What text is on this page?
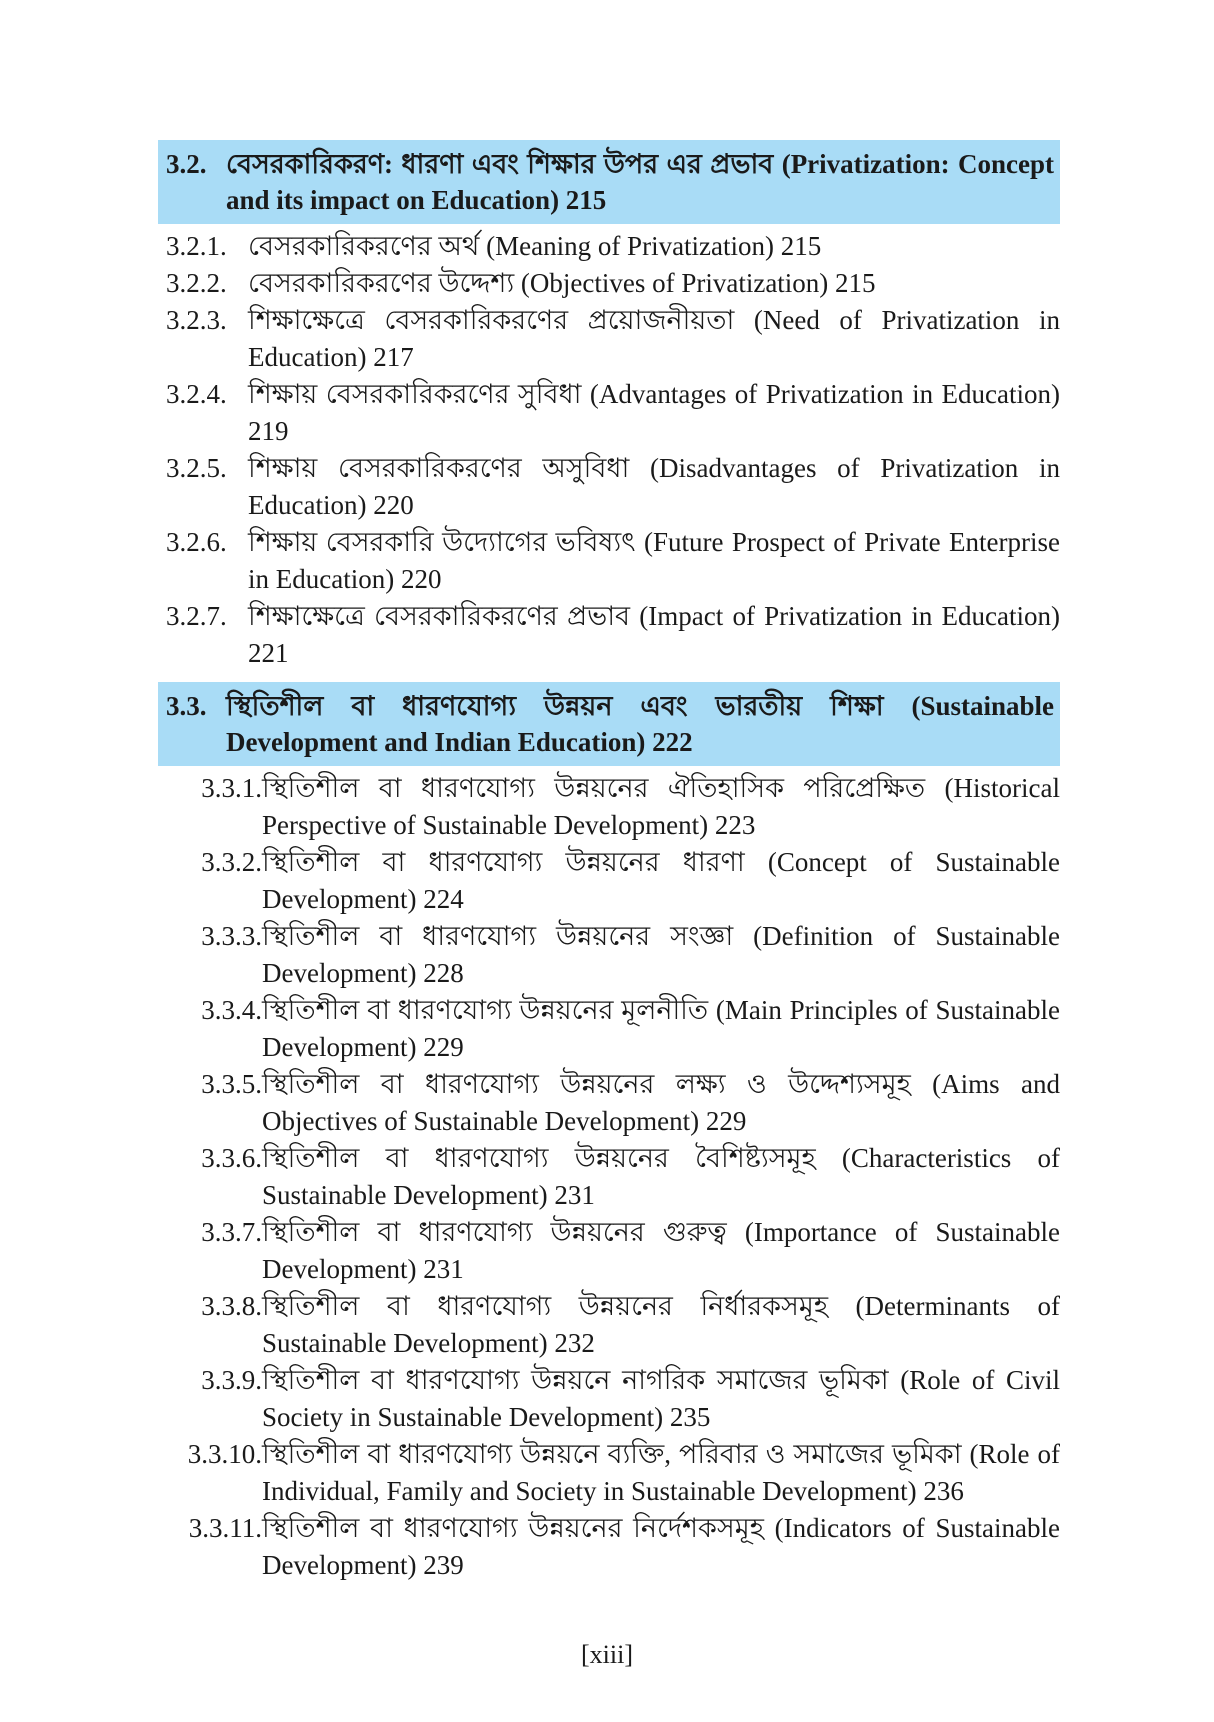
3.2. বেসরকারিকরণ: ধারণা এবং শিক্ষার উপর এর প্রভাব (Privatization: Concept and its impact on Education) 215
3.2.1. বেসরকারিকরণের অর্থ (Meaning of Privatization) 215
3.2.2. বেসরকারিকরণের উদ্দেশ্য (Objectives of Privatization) 215
3.2.3. শিক্ষাক্ষেত্রে বেসরকারিকরণের প্রয়োজনীয়তা (Need of Privatization in Education) 217
3.2.4. শিক্ষায় বেসরকারিকরণের সুবিধা (Advantages of Privatization in Education) 219
3.2.5. শিক্ষায় বেসরকারিকরণের অসুবিধা (Disadvantages of Privatization in Education) 220
3.2.6. শিক্ষায় বেসরকারি উদ্যোগের ভবিষ্যৎ (Future Prospect of Private Enterprise in Education) 220
3.2.7. শিক্ষাক্ষেত্রে বেসরকারিকরণের প্রভাব (Impact of Privatization in Education) 221
3.3. স্থিতিশীল বা ধারণযোগ্য উন্নয়ন এবং ভারতীয় শিক্ষা (Sustainable Development and Indian Education) 222
3.3.1. স্থিতিশীল বা ধারণযোগ্য উন্নয়নের ঐতিহাসিক পরিপ্রেক্ষিত (Historical Perspective of Sustainable Development) 223
3.3.2. স্থিতিশীল বা ধারণযোগ্য উন্নয়নের ধারণা (Concept of Sustainable Development) 224
3.3.3. স্থিতিশীল বা ধারণযোগ্য উন্নয়নের সংজ্ঞা (Definition of Sustainable Development) 228
3.3.4. স্থিতিশীল বা ধারণযোগ্য উন্নয়নের মূলনীতি (Main Principles of Sustainable Development) 229
3.3.5. স্থিতিশীল বা ধারণযোগ্য উন্নয়নের লক্ষ্য ও উদ্দেশ্যসমূহ (Aims and Objectives of Sustainable Development) 229
3.3.6. স্থিতিশীল বা ধারণযোগ্য উন্নয়নের বৈশিষ্ট্যসমূহ (Characteristics of Sustainable Development) 231
3.3.7. স্থিতিশীল বা ধারণযোগ্য উন্নয়নের গুরুত্ব (Importance of Sustainable Development) 231
3.3.8. স্থিতিশীল বা ধারণযোগ্য উন্নয়নের নির্ধারকসমূহ (Determinants of Sustainable Development) 232
3.3.9. স্থিতিশীল বা ধারণযোগ্য উন্নয়নে নাগরিক সমাজের ভূমিকা (Role of Civil Society in Sustainable Development) 235
3.3.10. স্থিতিশীল বা ধারণযোগ্য উন্নয়নে ব্যক্তি, পরিবার ও সমাজের ভূমিকা (Role of Individual, Family and Society in Sustainable Development) 236
3.3.11. স্থিতিশীল বা ধারণযোগ্য উন্নয়নের নির্দেশকসমূহ (Indicators of Sustainable Development) 239
[xiii]
